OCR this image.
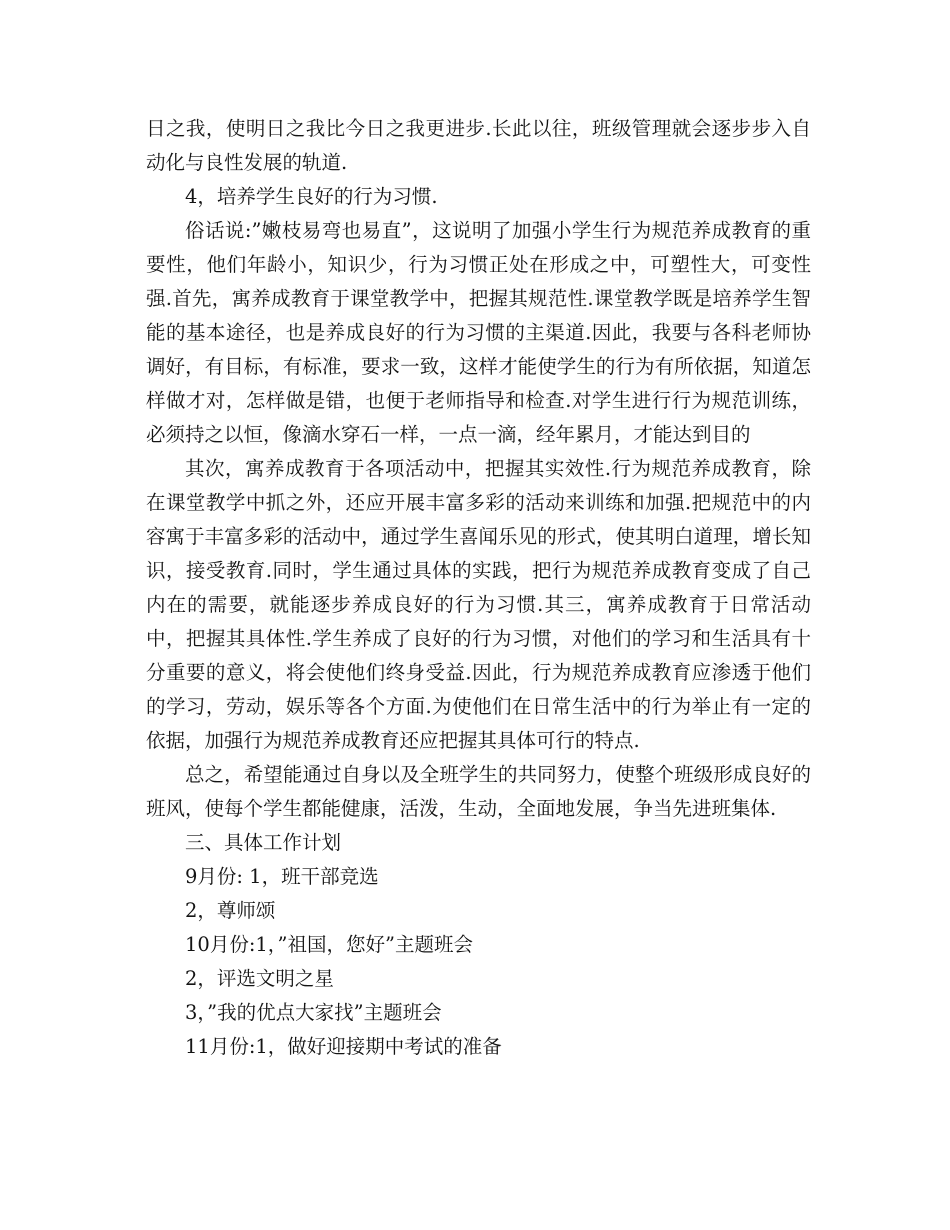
日之我，使明日之我比今日之我更进步.长此以往，班级管理就会逐步步入自动化与良性发展的轨道.

4，培养学生良好的行为习惯.

俗话说:”嫩枝易弯也易直”，这说明了加强小学生行为规范养成教育的重要性，他们年龄小，知识少，行为习惯正处在形成之中，可塑性大，可变性强.首先，寓养成教育于课堂教学中，把握其规范性.课堂教学既是培养学生智能的基本途径，也是养成良好的行为习惯的主渠道.因此，我要与各科老师协调好，有目标，有标准，要求一致，这样才能使学生的行为有所依据，知道怎样做才对，怎样做是错，也便于老师指导和检查.对学生进行行为规范训练，必须持之以恒，像滴水穿石一样，一点一滴，经年累月，才能达到目的

其次，寓养成教育于各项活动中，把握其实效性.行为规范养成教育，除在课堂教学中抓之外，还应开展丰富多彩的活动来训练和加强.把规范中的内容寓于丰富多彩的活动中，通过学生喜闻乐见的形式，使其明白道理，增长知识，接受教育.同时，学生通过具体的实践，把行为规范养成教育变成了自己内在的需要，就能逐步养成良好的行为习惯.其三，寓养成教育于日常活动中，把握其具体性.学生养成了良好的行为习惯，对他们的学习和生活具有十分重要的意义，将会使他们终身受益.因此，行为规范养成教育应渗透于他们的学习，劳动，娱乐等各个方面.为使他们在日常生活中的行为举止有一定的依据，加强行为规范养成教育还应把握其具体可行的特点.

总之，希望能通过自身以及全班学生的共同努力，使整个班级形成良好的班风，使每个学生都能健康，活泼，生动，全面地发展，争当先进班集体.

三、具体工作计划

9月份: 1，班干部竞选

2，尊师颂

10月份:1，”祖国，您好”主题班会

2，评选文明之星

3，”我的优点大家找”主题班会

11月份:1，做好迎接期中考试的准备
